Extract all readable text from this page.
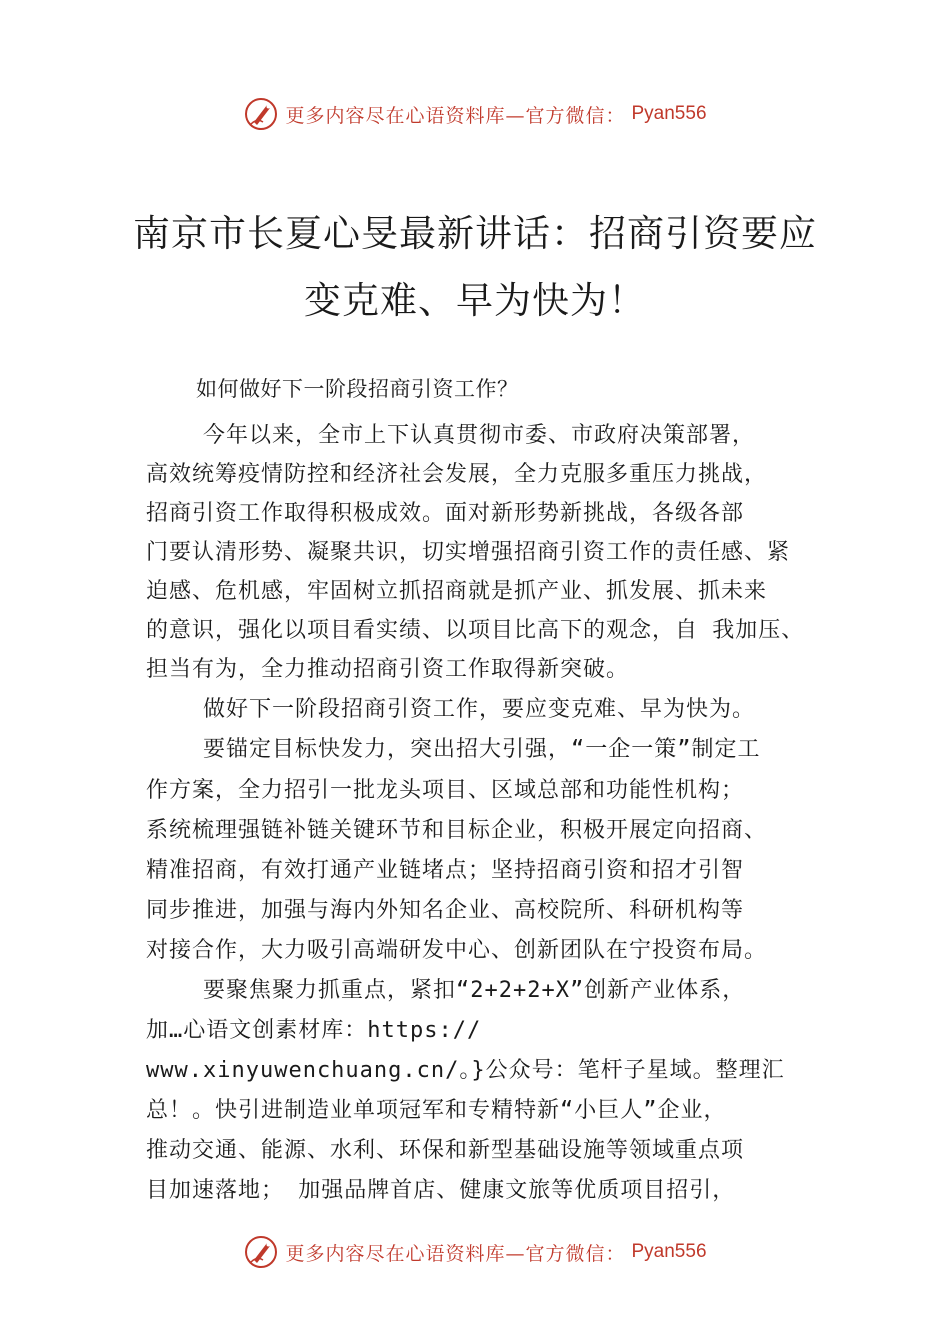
更多内容尽在心语资料库—官方微信： Pyan556
南京市长夏心旻最新讲话：招商引资要应
变克难、早为快为！
如何做好下一阶段招商引资工作？
今年以来，全市上下认真贯彻市委、市政府决策部署，
高效统筹疫情防控和经济社会发展，全力克服多重压力挑战，
招商引资工作取得积极成效。面对新形势新挑战，各级各部
门要认清形势、凝聚共识，切实增强招商引资工作的责任感、紧
迫感、危机感，牢固树立抓招商就是抓产业、抓发展、抓未来
的意识，强化以项目看实绩、以项目比高下的观念，自 我加压、
担当有为，全力推动招商引资工作取得新突破。
做好下一阶段招商引资工作，要应变克难、早为快为。
要锚定目标快发力，突出招大引强，“一企一策”制定工
作方案，全力招引一批龙头项目、区域总部和功能性机构；
系统梳理强链补链关键环节和目标企业，积极开展定向招商、
精准招商，有效打通产业链堵点；坚持招商引资和招才引智
同步推进，加强与海内外知名企业、高校院所、科研机构等
对接合作，大力吸引高端研发中心、创新团队在宁投资布局。
要聚焦聚力抓重点，紧扣“2+2+2+X”创新产业体系，
加…心语文创素材库：https://
www.xinyuwenchuang.cn/。}公众号：笔杆子星域。整理汇
总！。快引进制造业单项冠军和专精特新“小巨人”企业，
推动交通、能源、水利、环保和新型基础设施等领域重点项
目加速落地； 加强品牌首店、健康文旅等优质项目招引，
更多内容尽在心语资料库—官方微信： Pyan556
